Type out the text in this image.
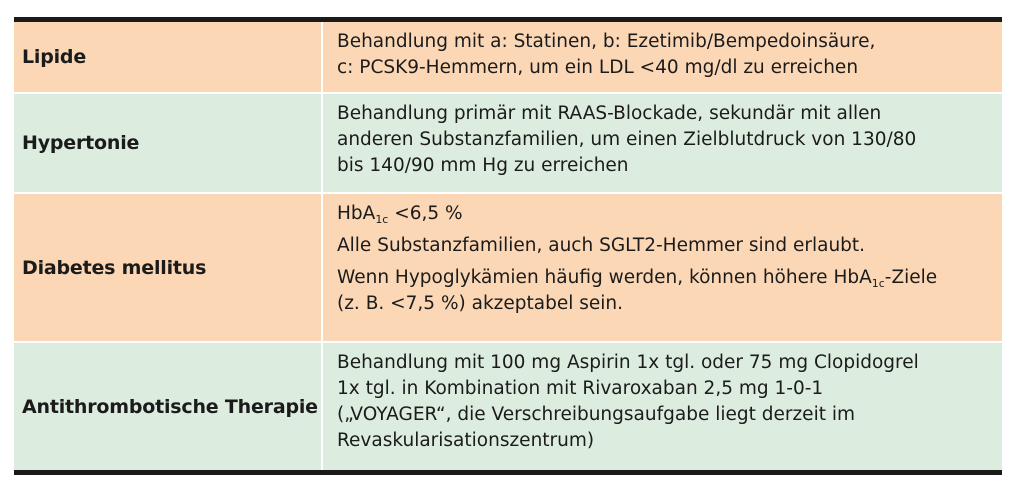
Lipide
Behandlung mit a: Statinen, b: Ezetimib/Bempedoinsäure,
c: PCSK9-Hemmern, um ein LDL <40 mg/dl zu erreichen
Hypertonie
Behandlung primär mit RAAS-Blockade, sekundär mit allen
anderen Substanzfamilien, um einen Zielblutdruck von 130/80
bis 140/90 mm Hg zu erreichen
Diabetes mellitus

HbA$_{1c}$ <6,5 %

Alle Substanzfamilien, auch SGLT2-Hemmer sind erlaubt.

Wenn Hypoglykämien häufig werden, können höhere HbA$_{1c}$-Ziele
(z. B. <7,5 %) akzeptabel sein.

Antithrombotische Therapie
Behandlung mit 100 mg Aspirin 1x tgl. oder 75 mg Clopidogrel
1x tgl. in Kombination mit Rivaroxaban 2,5 mg 1-0-1
(„VOYAGER“, die Verschreibungsaufgabe liegt derzeit im
Revaskularisationszentrum)
